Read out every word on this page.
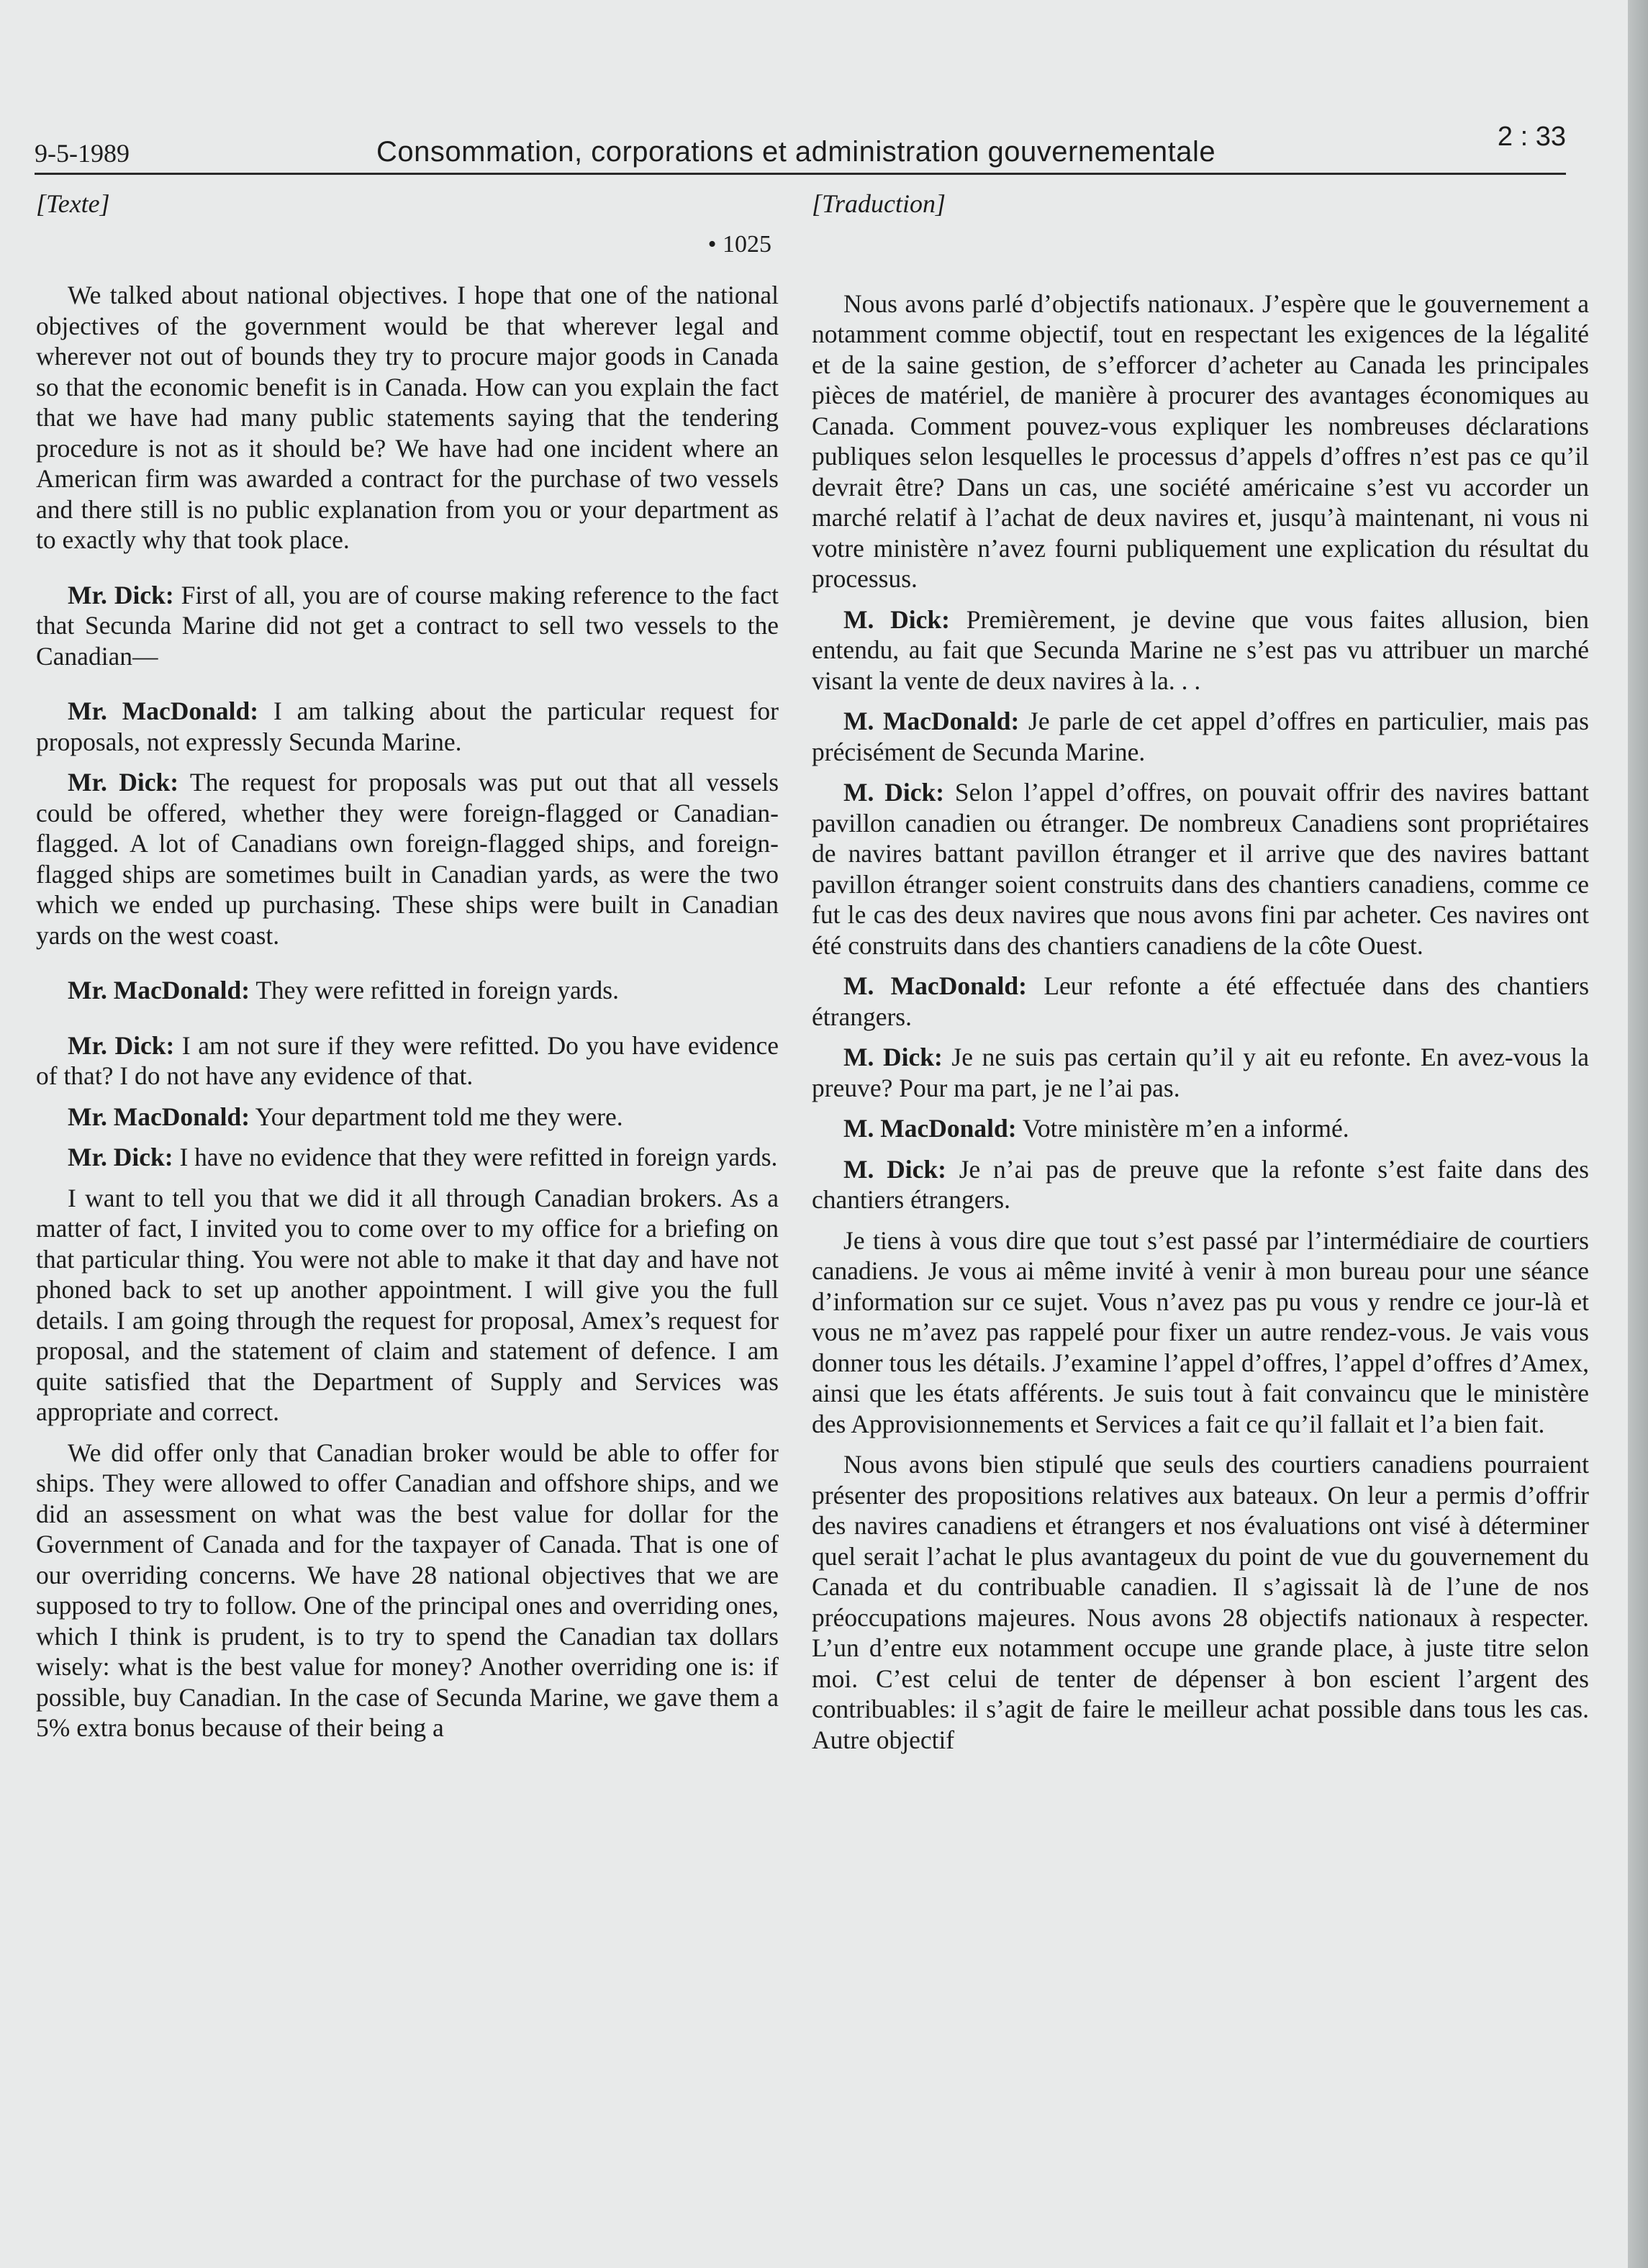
9-5-1989	Consommation, corporations et administration gouvernementale	2 : 33
[Texte]
• 1025

We talked about national objectives. I hope that one of the national objectives of the government would be that wherever legal and wherever not out of bounds they try to procure major goods in Canada so that the economic benefit is in Canada. How can you explain the fact that we have had many public statements saying that the tendering procedure is not as it should be? We have had one incident where an American firm was awarded a contract for the purchase of two vessels and there still is no public explanation from you or your department as to exactly why that took place.

Mr. Dick: First of all, you are of course making reference to the fact that Secunda Marine did not get a contract to sell two vessels to the Canadian—

Mr. MacDonald: I am talking about the particular request for proposals, not expressly Secunda Marine.

Mr. Dick: The request for proposals was put out that all vessels could be offered, whether they were foreign-flagged or Canadian-flagged. A lot of Canadians own foreign-flagged ships, and foreign-flagged ships are sometimes built in Canadian yards, as were the two which we ended up purchasing. These ships were built in Canadian yards on the west coast.

Mr. MacDonald: They were refitted in foreign yards.

Mr. Dick: I am not sure if they were refitted. Do you have evidence of that? I do not have any evidence of that.

Mr. MacDonald: Your department told me they were.

Mr. Dick: I have no evidence that they were refitted in foreign yards.

I want to tell you that we did it all through Canadian brokers. As a matter of fact, I invited you to come over to my office for a briefing on that particular thing. You were not able to make it that day and have not phoned back to set up another appointment. I will give you the full details. I am going through the request for proposal, Amex’s request for proposal, and the statement of claim and statement of defence. I am quite satisfied that the Department of Supply and Services was appropriate and correct.

We did offer only that Canadian broker would be able to offer for ships. They were allowed to offer Canadian and offshore ships, and we did an assessment on what was the best value for dollar for the Government of Canada and for the taxpayer of Canada. That is one of our overriding concerns. We have 28 national objectives that we are supposed to try to follow. One of the principal ones and overriding ones, which I think is prudent, is to try to spend the Canadian tax dollars wisely: what is the best value for money? Another overriding one is: if possible, buy Canadian. In the case of Secunda Marine, we gave them a 5% extra bonus because of their being a

[Traduction]

Nous avons parlé d’objectifs nationaux. J’espère que le gouvernement a notamment comme objectif, tout en respectant les exigences de la légalité et de la saine gestion, de s’efforcer d’acheter au Canada les principales pièces de matériel, de manière à procurer des avantages économiques au Canada. Comment pouvez-vous expliquer les nombreuses déclarations publiques selon lesquelles le processus d’appels d’offres n’est pas ce qu’il devrait être? Dans un cas, une société américaine s’est vu accorder un marché relatif à l’achat de deux navires et, jusqu’à maintenant, ni vous ni votre ministère n’avez fourni publiquement une explication du résultat du processus.

M. Dick: Premièrement, je devine que vous faites allusion, bien entendu, au fait que Secunda Marine ne s’est pas vu attribuer un marché visant la vente de deux navires à la. . .

M. MacDonald: Je parle de cet appel d’offres en particulier, mais pas précisément de Secunda Marine.

M. Dick: Selon l’appel d’offres, on pouvait offrir des navires battant pavillon canadien ou étranger. De nombreux Canadiens sont propriétaires de navires battant pavillon étranger et il arrive que des navires battant pavillon étranger soient construits dans des chantiers canadiens, comme ce fut le cas des deux navires que nous avons fini par acheter. Ces navires ont été construits dans des chantiers canadiens de la côte Ouest.

M. MacDonald: Leur refonte a été effectuée dans des chantiers étrangers.

M. Dick: Je ne suis pas certain qu’il y ait eu refonte. En avez-vous la preuve? Pour ma part, je ne l’ai pas.

M. MacDonald: Votre ministère m’en a informé.

M. Dick: Je n’ai pas de preuve que la refonte s’est faite dans des chantiers étrangers.

Je tiens à vous dire que tout s’est passé par l’intermédiaire de courtiers canadiens. Je vous ai même invité à venir à mon bureau pour une séance d’information sur ce sujet. Vous n’avez pas pu vous y rendre ce jour-là et vous ne m’avez pas rappelé pour fixer un autre rendez-vous. Je vais vous donner tous les détails. J’examine l’appel d’offres, l’appel d’offres d’Amex, ainsi que les états afférents. Je suis tout à fait convaincu que le ministère des Approvisionnements et Services a fait ce qu’il fallait et l’a bien fait.

Nous avons bien stipulé que seuls des courtiers canadiens pourraient présenter des propositions relatives aux bateaux. On leur a permis d’offrir des navires canadiens et étrangers et nos évaluations ont visé à déterminer quel serait l’achat le plus avantageux du point de vue du gouvernement du Canada et du contribuable canadien. Il s’agissait là de l’une de nos préoccupations majeures. Nous avons 28 objectifs nationaux à respecter. L’un d’entre eux notamment occupe une grande place, à juste titre selon moi. C’est celui de tenter de dépenser à bon escient l’argent des contribuables: il s’agit de faire le meilleur achat possible dans tous les cas. Autre objectif
